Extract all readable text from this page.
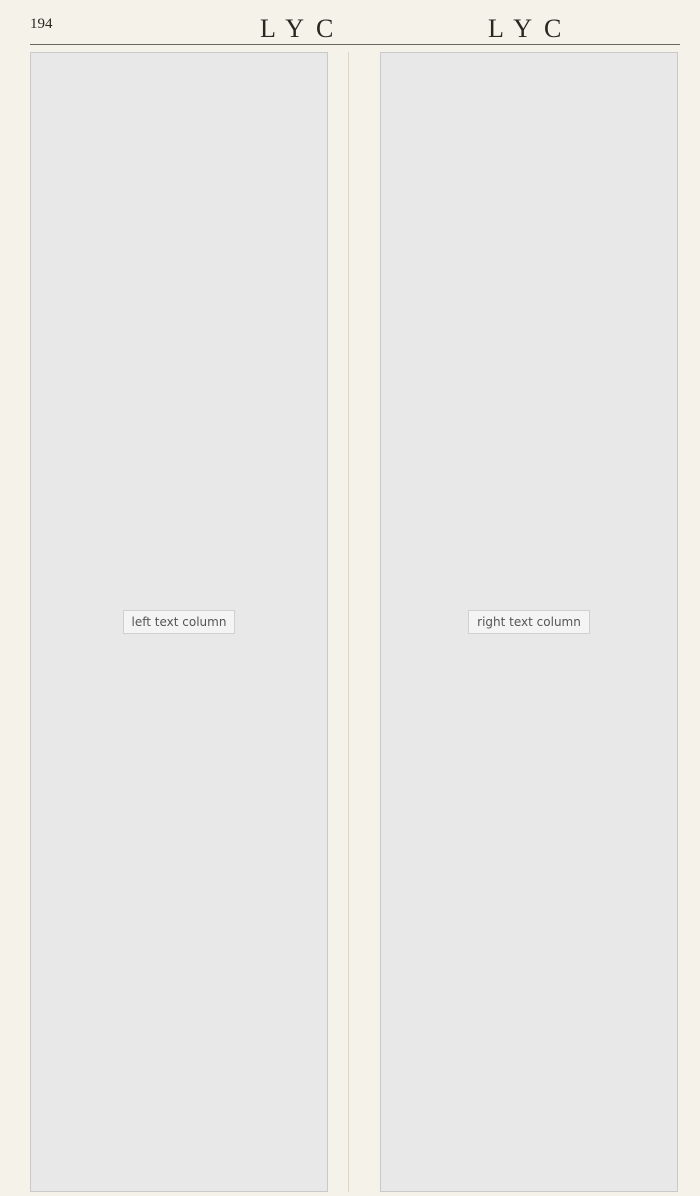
194	LYC	LYC
left text column	right text column
